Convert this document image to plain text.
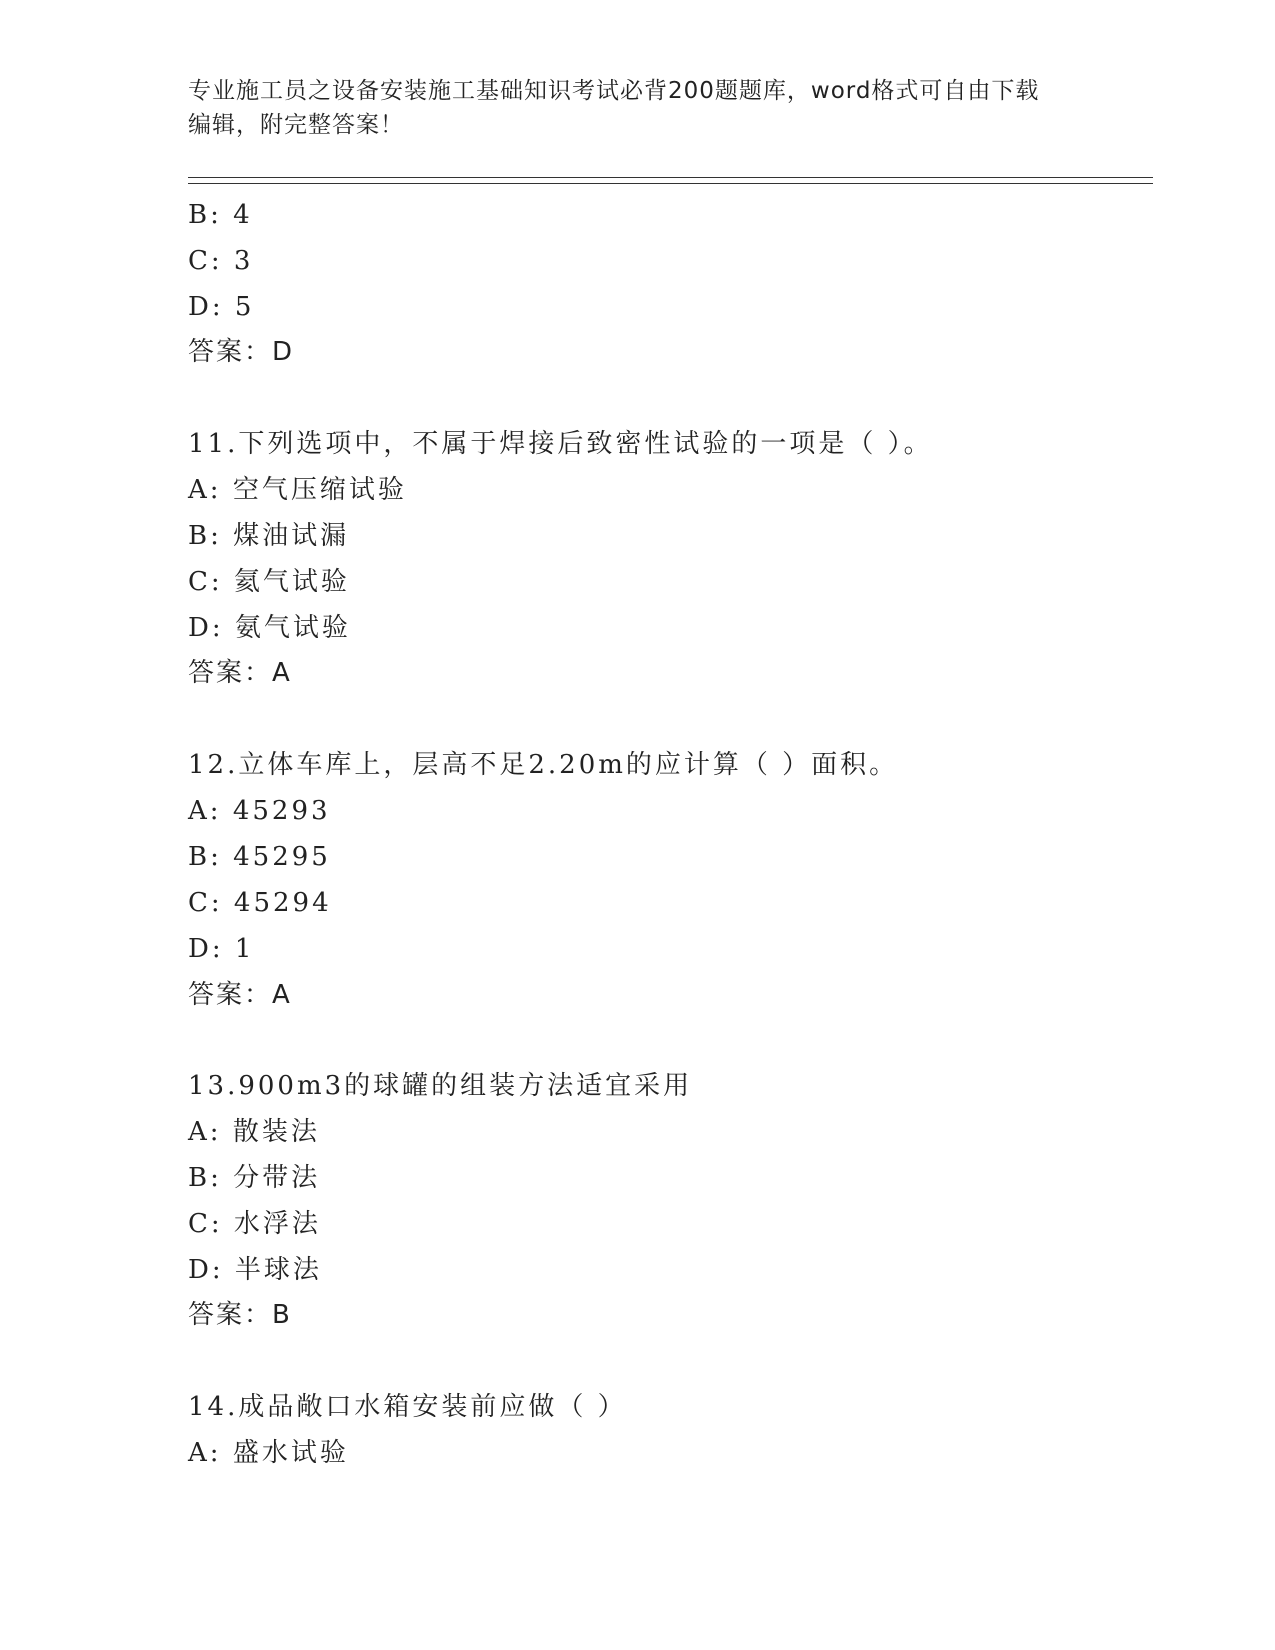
专业施工员之设备安装施工基础知识考试必背200题题库，word格式可自由下载
编辑，附完整答案！
B: 4
C: 3
D: 5
答案：D
11.下列选项中，不属于焊接后致密性试验的一项是（ ）。
A: 空气压缩试验
B: 煤油试漏
C: 氦气试验
D: 氨气试验
答案：A
12.立体车库上，层高不足2.20m的应计算（ ）面积。
A: 45293
B: 45295
C: 45294
D: 1
答案：A
13.900m3的球罐的组装方法适宜采用
A: 散装法
B: 分带法
C: 水浮法
D: 半球法
答案：B
14.成品敞口水箱安装前应做（ ）
A: 盛水试验
